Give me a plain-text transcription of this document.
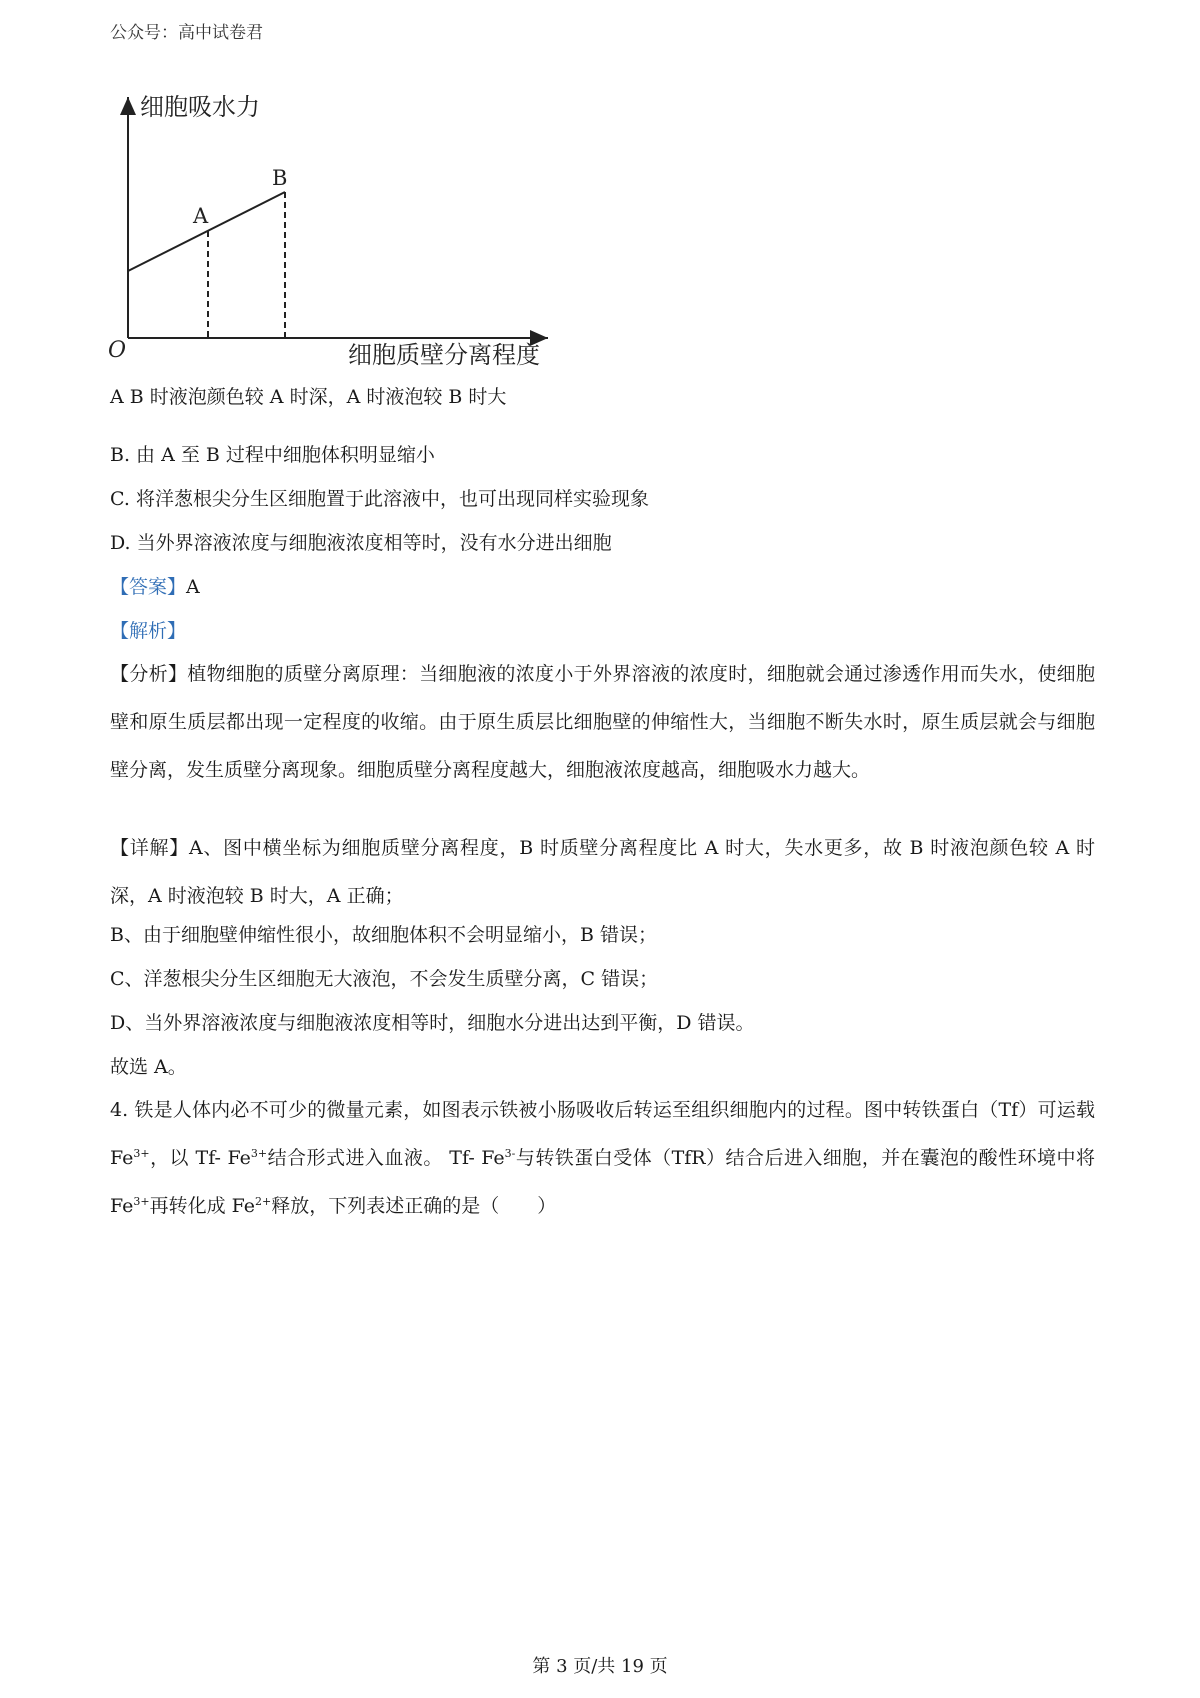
公众号：高中试卷君
细胞吸水力
细胞质壁分离程度
O
A
B
A B 时液泡颜色较 A 时深，A 时液泡较 B 时大
B. 由 A 至 B 过程中细胞体积明显缩小
C. 将洋葱根尖分生区细胞置于此溶液中，也可出现同样实验现象
D. 当外界溶液浓度与细胞液浓度相等时，没有水分进出细胞
【答案】A
【解析】
【分析】植物细胞的质壁分离原理：当细胞液的浓度小于外界溶液的浓度时，细胞就会通过渗透作用而失水，使细胞壁和原生质层都出现一定程度的收缩。由于原生质层比细胞壁的伸缩性大，当细胞不断失水时，原生质层就会与细胞壁分离，发生质壁分离现象。细胞质壁分离程度越大，细胞液浓度越高，细胞吸水力越大。
【详解】A、图中横坐标为细胞质壁分离程度，B 时质壁分离程度比 A 时大，失水更多，故 B 时液泡颜色较 A 时深，A 时液泡较 B 时大，A 正确；
B、由于细胞壁伸缩性很小，故细胞体积不会明显缩小，B 错误；
C、洋葱根尖分生区细胞无大液泡，不会发生质壁分离，C 错误；
D、当外界溶液浓度与细胞液浓度相等时，细胞水分进出达到平衡，D 错误。
故选 A。
4. 铁是人体内必不可少的微量元素，如图表示铁被小肠吸收后转运至组织细胞内的过程。图中转铁蛋白（Tf）可运载 $Fe^{3+}$，以 Tf- $Fe^{3+}$结合形式进入血液。 Tf- $Fe^{3-}$与转铁蛋白受体（TfR）结合后进入细胞，并在囊泡的酸性环境中将 $Fe^{3+}$再转化成 $Fe^{2+}$释放，下列表述正确的是（　　）
第 3 页/共 19 页
